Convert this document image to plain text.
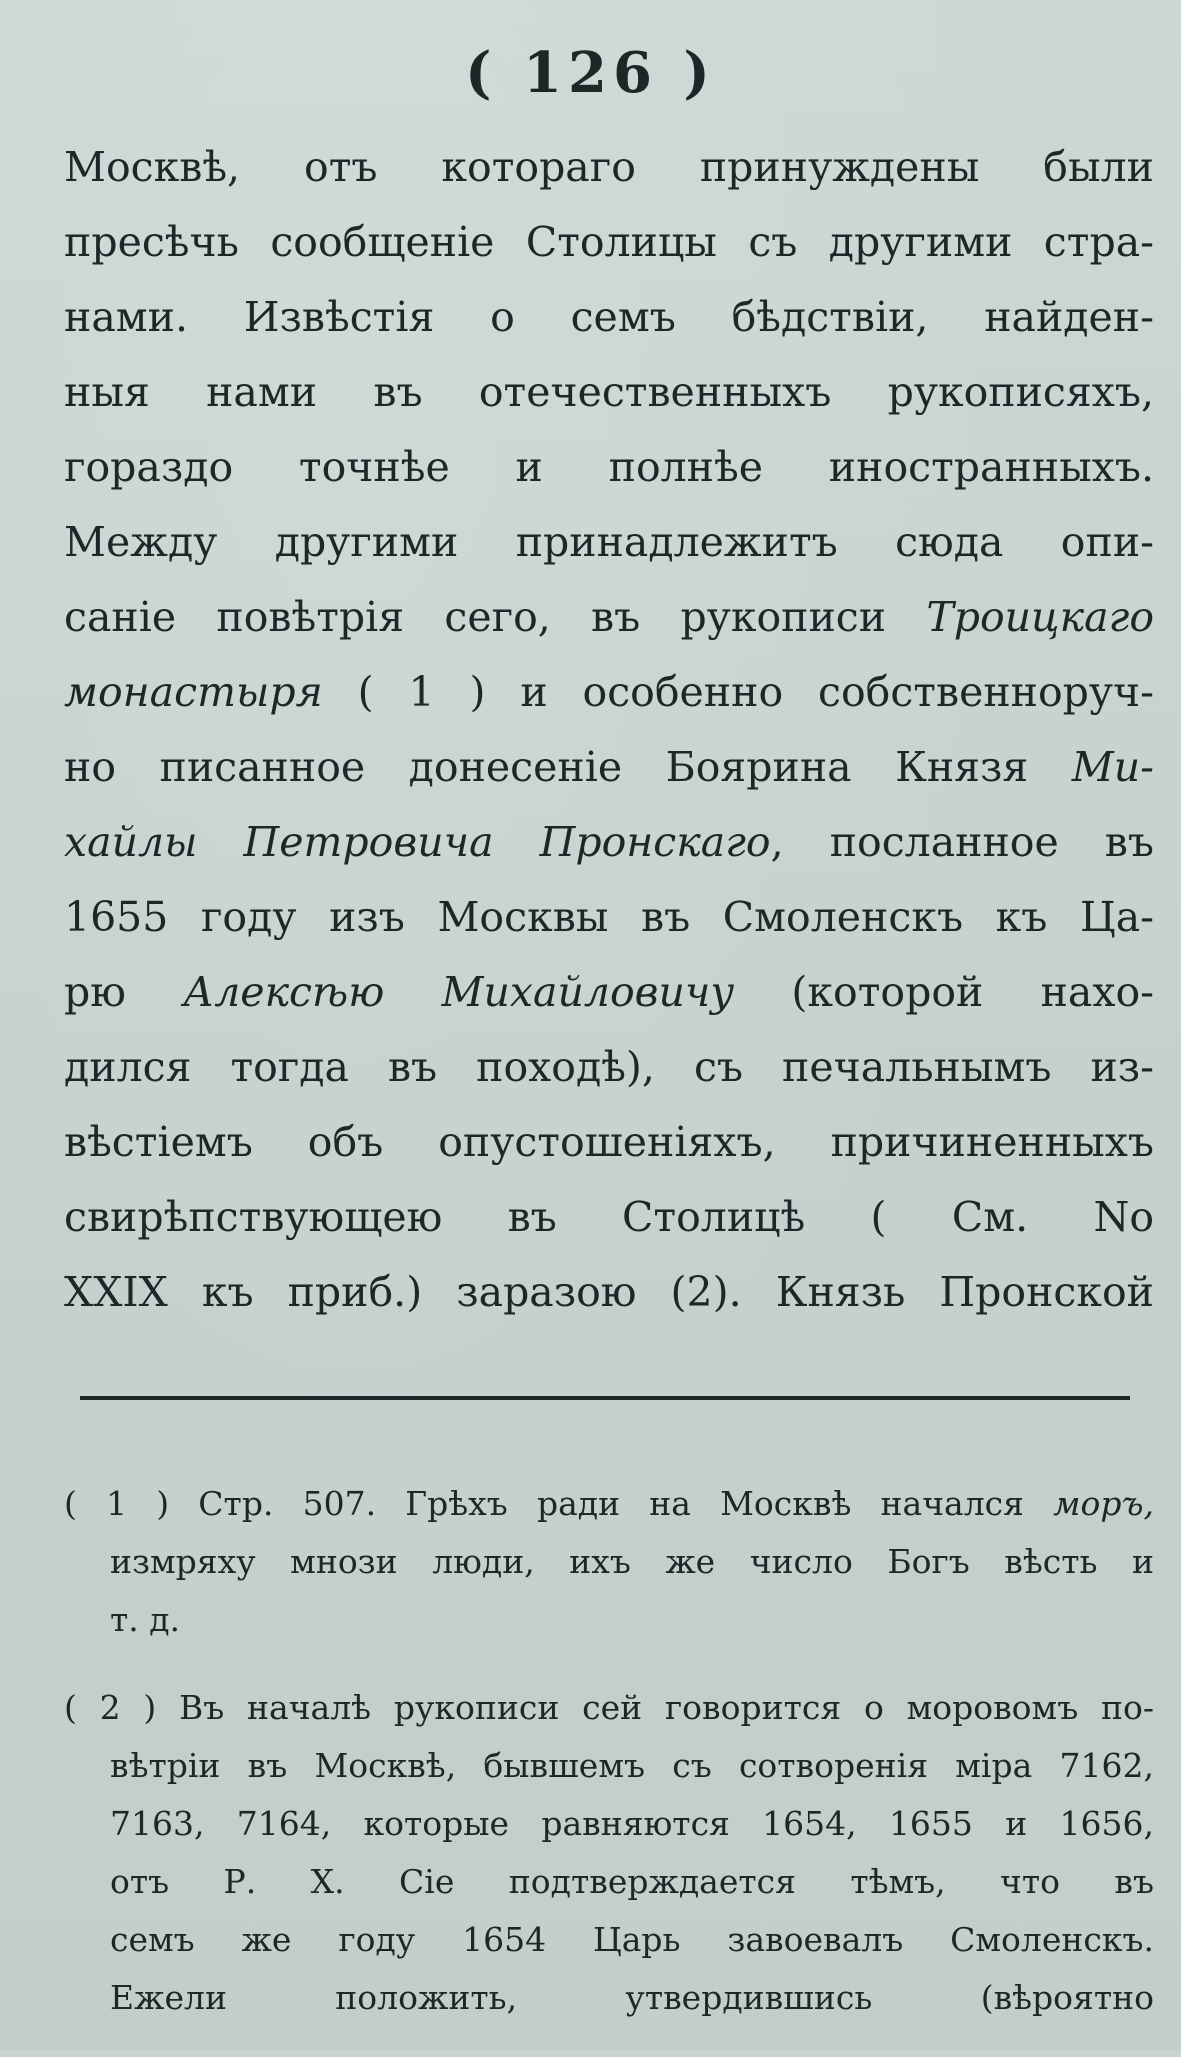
( 126 )
Москвѣ, отъ котораго принуждены были
пресѣчь сообщеніе Столицы съ другими стра-
нами. Извѣстія о семъ бѣдствіи, найден-
ныя нами въ отечественныхъ рукописяхъ,
гораздо точнѣе и полнѣе иностранныхъ.
Между другими принадлежитъ сюда опи-
саніе повѣтрія сего, въ рукописи Троицкаго
монастыря ( 1 ) и особенно собственноруч-
но писанное донесеніе Боярина Князя Ми-
хайлы Петровича Пронскаго, посланное въ
1655 году изъ Москвы въ Смоленскъ къ Ца-
рю Алексѣю Михайловичу (которой нахо-
дился тогда въ походѣ), съ печальнымъ из-
вѣстіемъ объ опустошеніяхъ, причиненныхъ
свирѣпствующею въ Столицѣ ( См. No
XXIX къ приб.) заразою (2). Князь Пронской
( 1 ) Стр. 507. Грѣхъ ради на Москвѣ начался моръ,
измряху мнози люди, ихъ же число Богъ вѣсть и
т. д.
( 2 ) Въ началѣ рукописи сей говорится о моровомъ по-
вѣтріи въ Москвѣ, бывшемъ съ сотворенія міра 7162,
7163, 7164, которые равняются 1654, 1655 и 1656,
отъ Р. Х. Сіе подтверждается тѣмъ, что въ
семъ же году 1654 Царь завоевалъ Смоленскъ.
Ежели положить, утвердившись (вѣроятно
